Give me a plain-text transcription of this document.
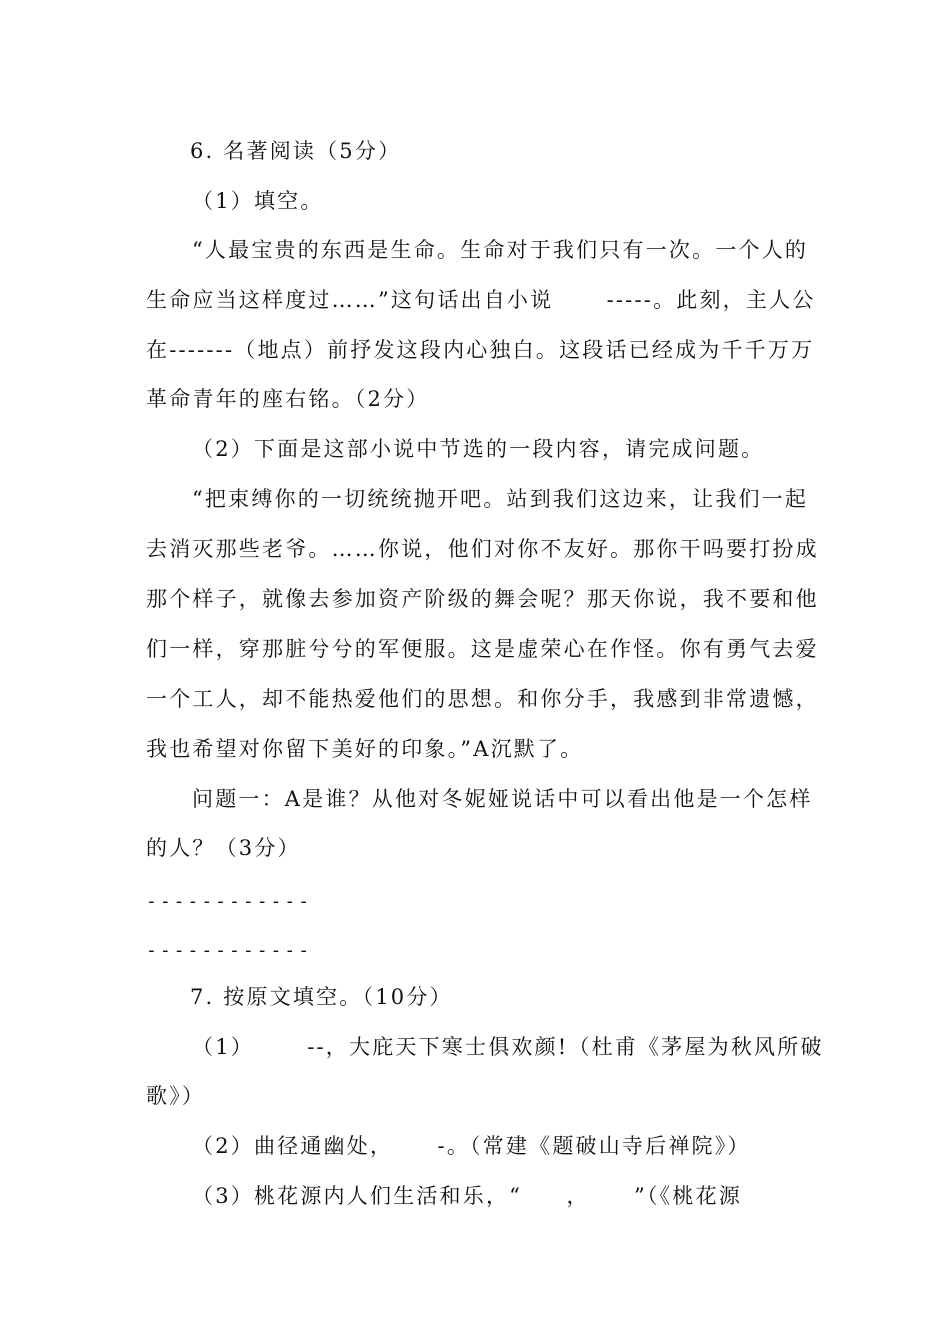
6. 名著阅读（5分）
（1）填空。
“人最宝贵的东西是生命。生命对于我们只有一次。一个人的
生命应当这样度过……”这句话出自小说      -----。此刻，主人公
在-------（地点）前抒发这段内心独白。这段话已经成为千千万万
革命青年的座右铭。（2分）
（2）下面是这部小说中节选的一段内容，请完成问题。
“把束缚你的一切统统抛开吧。站到我们这边来，让我们一起
去消灭那些老爷。……你说，他们对你不友好。那你干吗要打扮成
那个样子，就像去参加资产阶级的舞会呢？那天你说，我不要和他
们一样，穿那脏兮兮的军便服。这是虚荣心在作怪。你有勇气去爱
一个工人，却不能热爱他们的思想。和你分手，我感到非常遗憾，
我也希望对你留下美好的印象。”A沉默了。
问题一：A是谁？从他对冬妮娅说话中可以看出他是一个怎样
的人？（3分）
------------
------------
7. 按原文填空。（10分）
（1）      --，大庇天下寒士俱欢颜!（杜甫《茅屋为秋风所破
歌》）
（2）曲径通幽处，     -。（常建《题破山寺后禅院》）
（3）桃花源内人们生活和乐，“     ，     ”（《桃花源
